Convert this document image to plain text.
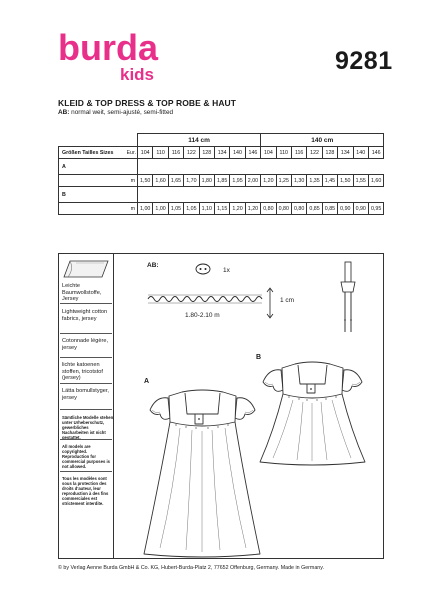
burda
kids	9281
KLEID & TOP DRESS & TOP ROBE & HAUT
AB: normal weit, semi-ajusté, semi-fitted
		114 cm								140 cm							
Größen Tailles Sizes	Eur.	104	110	116	122	128	134	140	146	104	110	116	122	128	134	140	146
A																	
	m	1,50	1,60	1,65	1,70	1,80	1,85	1,95	2,00	1,20	1,25	1,30	1,35	1,45	1,50	1,55	1,60
B																	
	m	1,00	1,00	1,05	1,05	1,10	1,15	1,20	1,20	0,80	0,80	0,80	0,85	0,85	0,90	0,90	0,95
Leichte Baumwollstoffe, Jersey
Lightweight cotton fabrics, jersey
Cotonnade légère, jersey
lichte katoenen stoffen, tricotstof (jersey)
Lätta bomullstyger, jersey
Sämtliche Modelle stehen unter Urheberschutz, gewerbliches Nacharbeiten ist nicht gestattet.
All models are copyrighted. Reproduction for commercial purposes is not allowed.
Tous les modèles sont sous la protection des droits d'auteur, leur reproduction à des fins commerciales est strictement interdite.
AB:
1x
1 cm
1.80-2.10 m
A
B
© by Verlag Aenne Burda GmbH & Co. KG, Hubert-Burda-Platz 2, 77652 Offenburg, Germany. Made in Germany.
